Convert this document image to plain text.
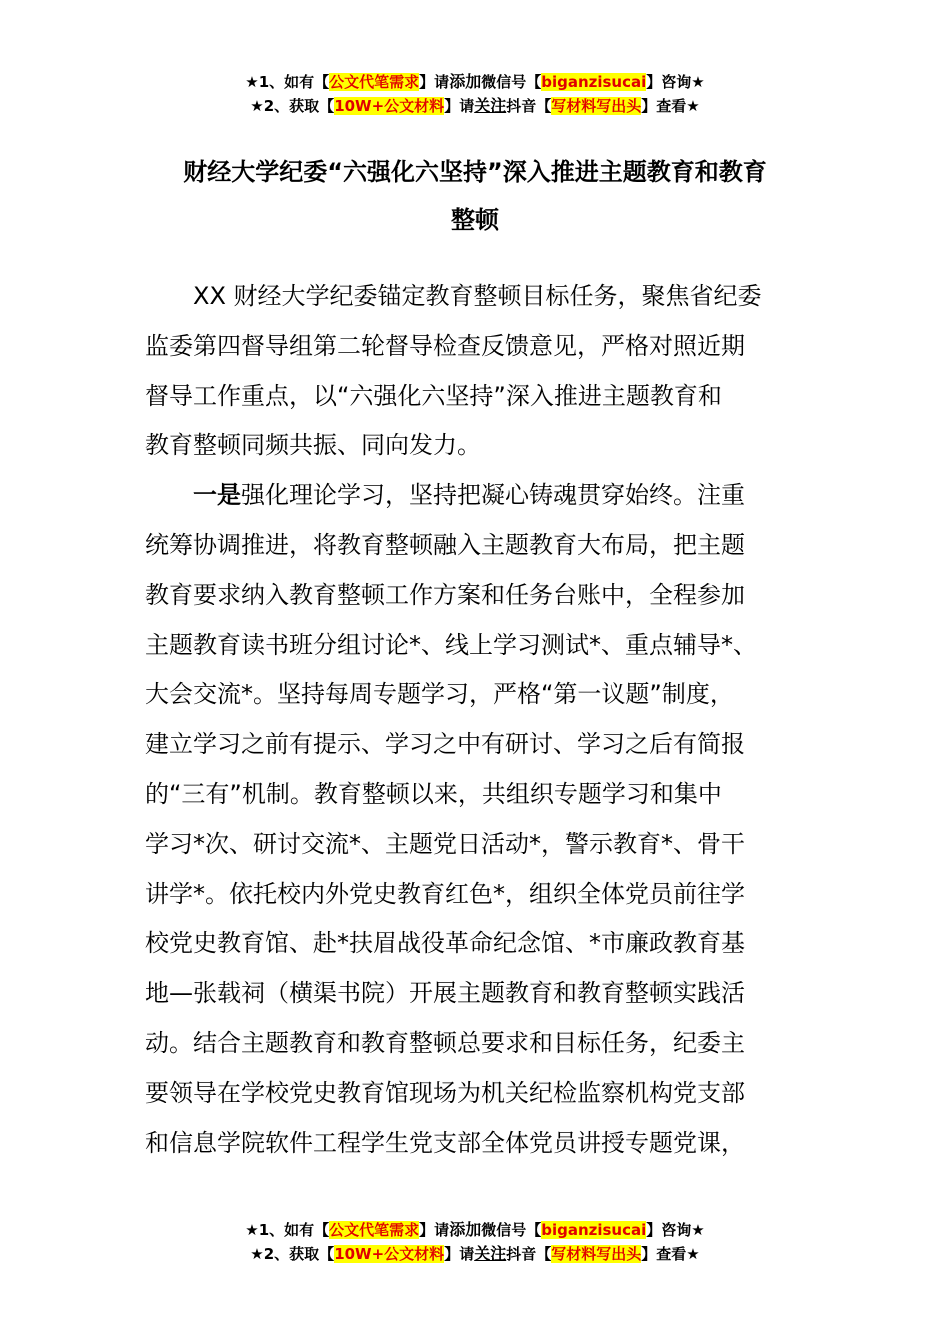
★1、如有【公文代笔需求】请添加微信号【biganzisucai】咨询★
★2、获取【10W+公文材料】请关注抖音【写材料写出头】查看★
财经大学纪委“六强化六坚持”深入推进主题教育和教育
整顿
XX 财经大学纪委锚定教育整顿目标任务，聚焦省纪委
监委第四督导组第二轮督导检查反馈意见，严格对照近期
督导工作重点，以“六强化六坚持”深入推进主题教育和
教育整顿同频共振、同向发力。
一是强化理论学习，坚持把凝心铸魂贯穿始终。注重
统筹协调推进，将教育整顿融入主题教育大布局，把主题
教育要求纳入教育整顿工作方案和任务台账中，全程参加
主题教育读书班分组讨论*、线上学习测试*、重点辅导*、
大会交流*。坚持每周专题学习，严格“第一议题”制度，
建立学习之前有提示、学习之中有研讨、学习之后有简报
的“三有”机制。教育整顿以来，共组织专题学习和集中
学习*次、研讨交流*、主题党日活动*，警示教育*、骨干
讲学*。依托校内外党史教育红色*，组织全体党员前往学
校党史教育馆、赴*扶眉战役革命纪念馆、*市廉政教育基
地—张载祠（横渠书院）开展主题教育和教育整顿实践活
动。结合主题教育和教育整顿总要求和目标任务，纪委主
要领导在学校党史教育馆现场为机关纪检监察机构党支部
和信息学院软件工程学生党支部全体党员讲授专题党课，
★1、如有【公文代笔需求】请添加微信号【biganzisucai】咨询★
★2、获取【10W+公文材料】请关注抖音【写材料写出头】查看★
